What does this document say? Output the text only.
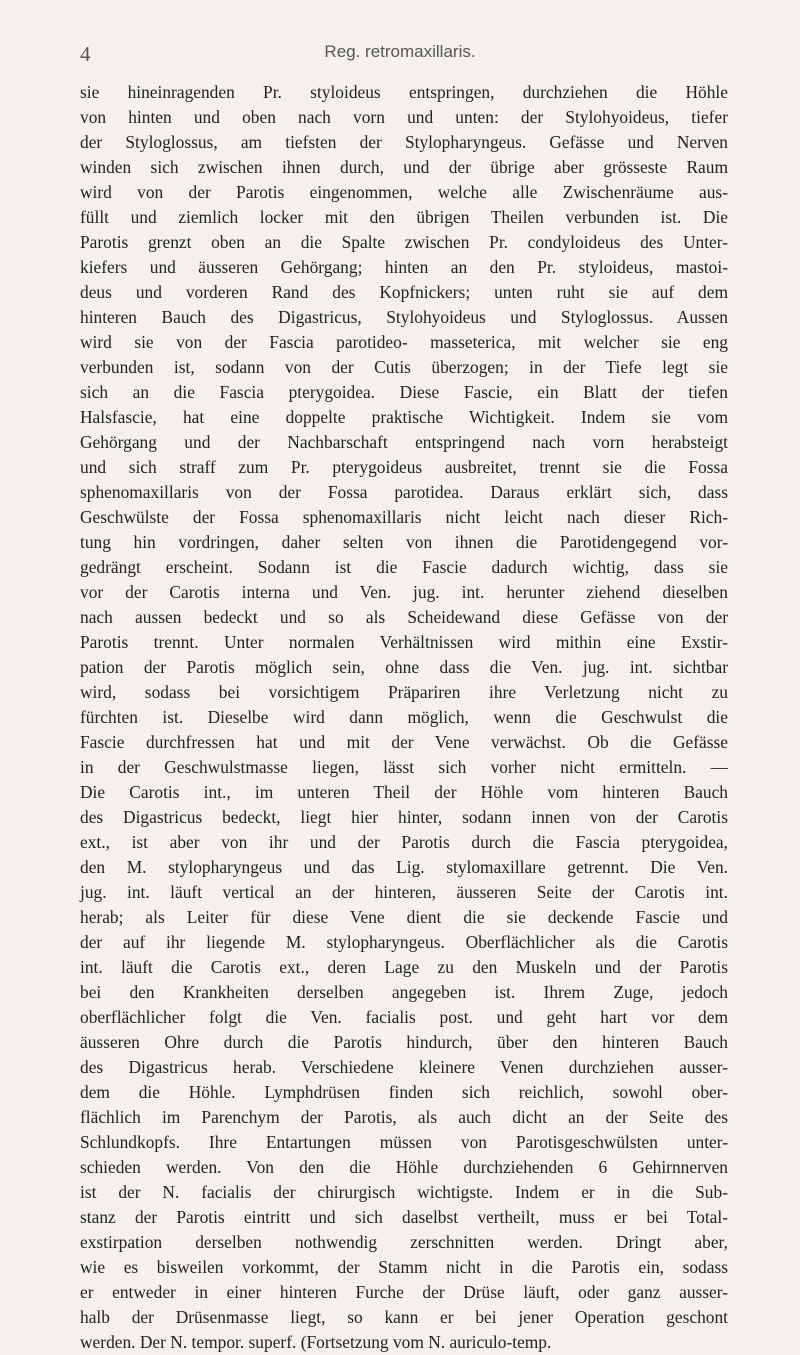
4	Reg. retromaxillaris.
sie hineinragenden Pr. styloideus entspringen, durchziehen die Höhle
von hinten und oben nach vorn und unten: der Stylohyoideus, tiefer
der Styloglossus, am tiefsten der Stylopharyngeus. Gefässe und Nerven
winden sich zwischen ihnen durch, und der übrige aber grösseste Raum
wird von der Parotis eingenommen, welche alle Zwischenräume aus-
füllt und ziemlich locker mit den übrigen Theilen verbunden ist. Die
Parotis grenzt oben an die Spalte zwischen Pr. condyloideus des Unter-
kiefers und äusseren Gehörgang; hinten an den Pr. styloideus, mastoi-
deus und vorderen Rand des Kopfnickers; unten ruht sie auf dem
hinteren Bauch des Digastricus, Stylohyoideus und Styloglossus. Aussen
wird sie von der Fascia parotideo- masseterica, mit welcher sie eng
verbunden ist, sodann von der Cutis überzogen; in der Tiefe legt sie
sich an die Fascia pterygoidea. Diese Fascie, ein Blatt der tiefen
Halsfascie, hat eine doppelte praktische Wichtigkeit. Indem sie vom
Gehörgang und der Nachbarschaft entspringend nach vorn herabsteigt
und sich straff zum Pr. pterygoideus ausbreitet, trennt sie die Fossa
sphenomaxillaris von der Fossa parotidea. Daraus erklärt sich, dass
Geschwülste der Fossa sphenomaxillaris nicht leicht nach dieser Rich-
tung hin vordringen, daher selten von ihnen die Parotidengegend vor-
gedrängt erscheint. Sodann ist die Fascie dadurch wichtig, dass sie
vor der Carotis interna und Ven. jug. int. herunter ziehend dieselben
nach aussen bedeckt und so als Scheidewand diese Gefässe von der
Parotis trennt. Unter normalen Verhältnissen wird mithin eine Exstir-
pation der Parotis möglich sein, ohne dass die Ven. jug. int. sichtbar
wird, sodass bei vorsichtigem Präpariren ihre Verletzung nicht zu
fürchten ist. Dieselbe wird dann möglich, wenn die Geschwulst die
Fascie durchfressen hat und mit der Vene verwächst. Ob die Gefässe
in der Geschwulstmasse liegen, lässt sich vorher nicht ermitteln. —
Die Carotis int., im unteren Theil der Höhle vom hinteren Bauch
des Digastricus bedeckt, liegt hier hinter, sodann innen von der Carotis
ext., ist aber von ihr und der Parotis durch die Fascia pterygoidea,
den M. stylopharyngeus und das Lig. stylomaxillare getrennt. Die Ven.
jug. int. läuft vertical an der hinteren, äusseren Seite der Carotis int.
herab; als Leiter für diese Vene dient die sie deckende Fascie und
der auf ihr liegende M. stylopharyngeus. Oberflächlicher als die Carotis
int. läuft die Carotis ext., deren Lage zu den Muskeln und der Parotis
bei den Krankheiten derselben angegeben ist. Ihrem Zuge, jedoch
oberflächlicher folgt die Ven. facialis post. und geht hart vor dem
äusseren Ohre durch die Parotis hindurch, über den hinteren Bauch
des Digastricus herab. Verschiedene kleinere Venen durchziehen ausser-
dem die Höhle. Lymphdrüsen finden sich reichlich, sowohl ober-
flächlich im Parenchym der Parotis, als auch dicht an der Seite des
Schlundkopfs. Ihre Entartungen müssen von Parotisgeschwülsten unter-
schieden werden. Von den die Höhle durchziehenden 6 Gehirnnerven
ist der N. facialis der chirurgisch wichtigste. Indem er in die Sub-
stanz der Parotis eintritt und sich daselbst vertheilt, muss er bei Total-
exstirpation derselben nothwendig zerschnitten werden. Dringt aber,
wie es bisweilen vorkommt, der Stamm nicht in die Parotis ein, sodass
er entweder in einer hinteren Furche der Drüse läuft, oder ganz ausser-
halb der Drüsenmasse liegt, so kann er bei jener Operation geschont
werden. Der N. tempor. superf. (Fortsetzung vom N. auriculo-temp.
